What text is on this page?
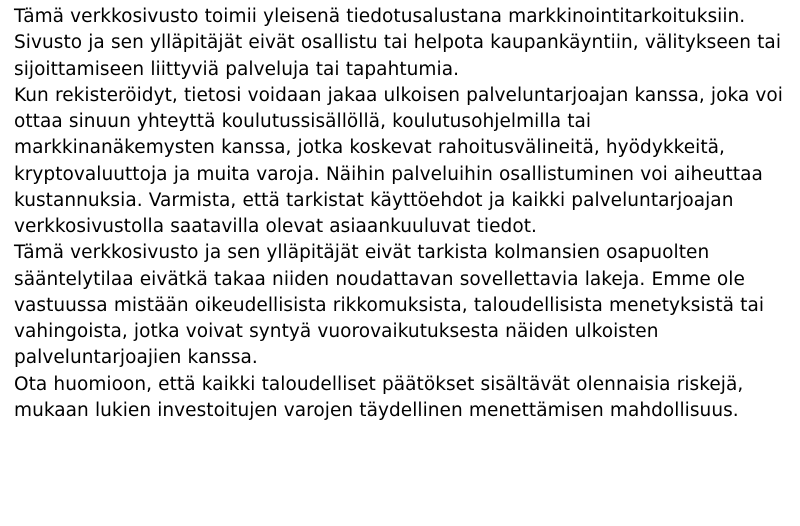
Tämä verkkosivusto toimii yleisenä tiedotusalustana markkinointitarkoituksiin.

Sivusto ja sen ylläpitäjät eivät osallistu tai helpota kaupankäyntiin, välitykseen tai sijoittamiseen liittyviä palveluja tai tapahtumia.

Kun rekisteröidyt, tietosi voidaan jakaa ulkoisen palveluntarjoajan kanssa, joka voi ottaa sinuun yhteyttä koulutussisällöllä, koulutusohjelmilla tai markkinanäkemysten kanssa, jotka koskevat rahoitusvälineitä, hyödykkeitä, kryptovaluuttoja ja muita varoja. Näihin palveluihin osallistuminen voi aiheuttaa kustannuksia. Varmista, että tarkistat käyttöehdot ja kaikki palveluntarjoajan verkkosivustolla saatavilla olevat asiaankuuluvat tiedot.

Tämä verkkosivusto ja sen ylläpitäjät eivät tarkista kolmansien osapuolten sääntelytilaa eivätkä takaa niiden noudattavan sovellettavia lakeja. Emme ole vastuussa mistään oikeudellisista rikkomuksista, taloudellisista menetyksistä tai vahingoista, jotka voivat syntyä vuorovaikutuksesta näiden ulkoisten palveluntarjoajien kanssa.

Ota huomioon, että kaikki taloudelliset päätökset sisältävät olennaisia riskejä, mukaan lukien investoitujen varojen täydellinen menettämisen mahdollisuus.
